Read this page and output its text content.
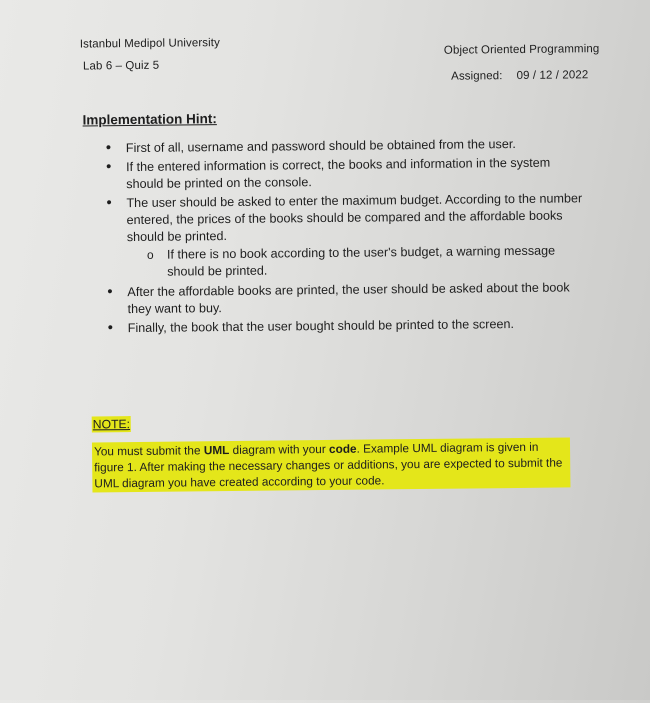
Istanbul Medipol University
Lab 6 – Quiz 5
Object Oriented Programming
Assigned: 09 / 12 / 2022
Implementation Hint:
• First of all, username and password should be obtained from the user.
• If the entered information is correct, the books and information in the system should be printed on the console.
• The user should be asked to enter the maximum budget. According to the number entered, the prices of the books should be compared and the affordable books should be printed.
o If there is no book according to the user's budget, a warning message should be printed.
• After the affordable books are printed, the user should be asked about the book they want to buy.
• Finally, the book that the user bought should be printed to the screen.
NOTE:
You must submit the UML diagram with your code. Example UML diagram is given in figure 1. After making the necessary changes or additions, you are expected to submit the UML diagram you have created according to your code.
